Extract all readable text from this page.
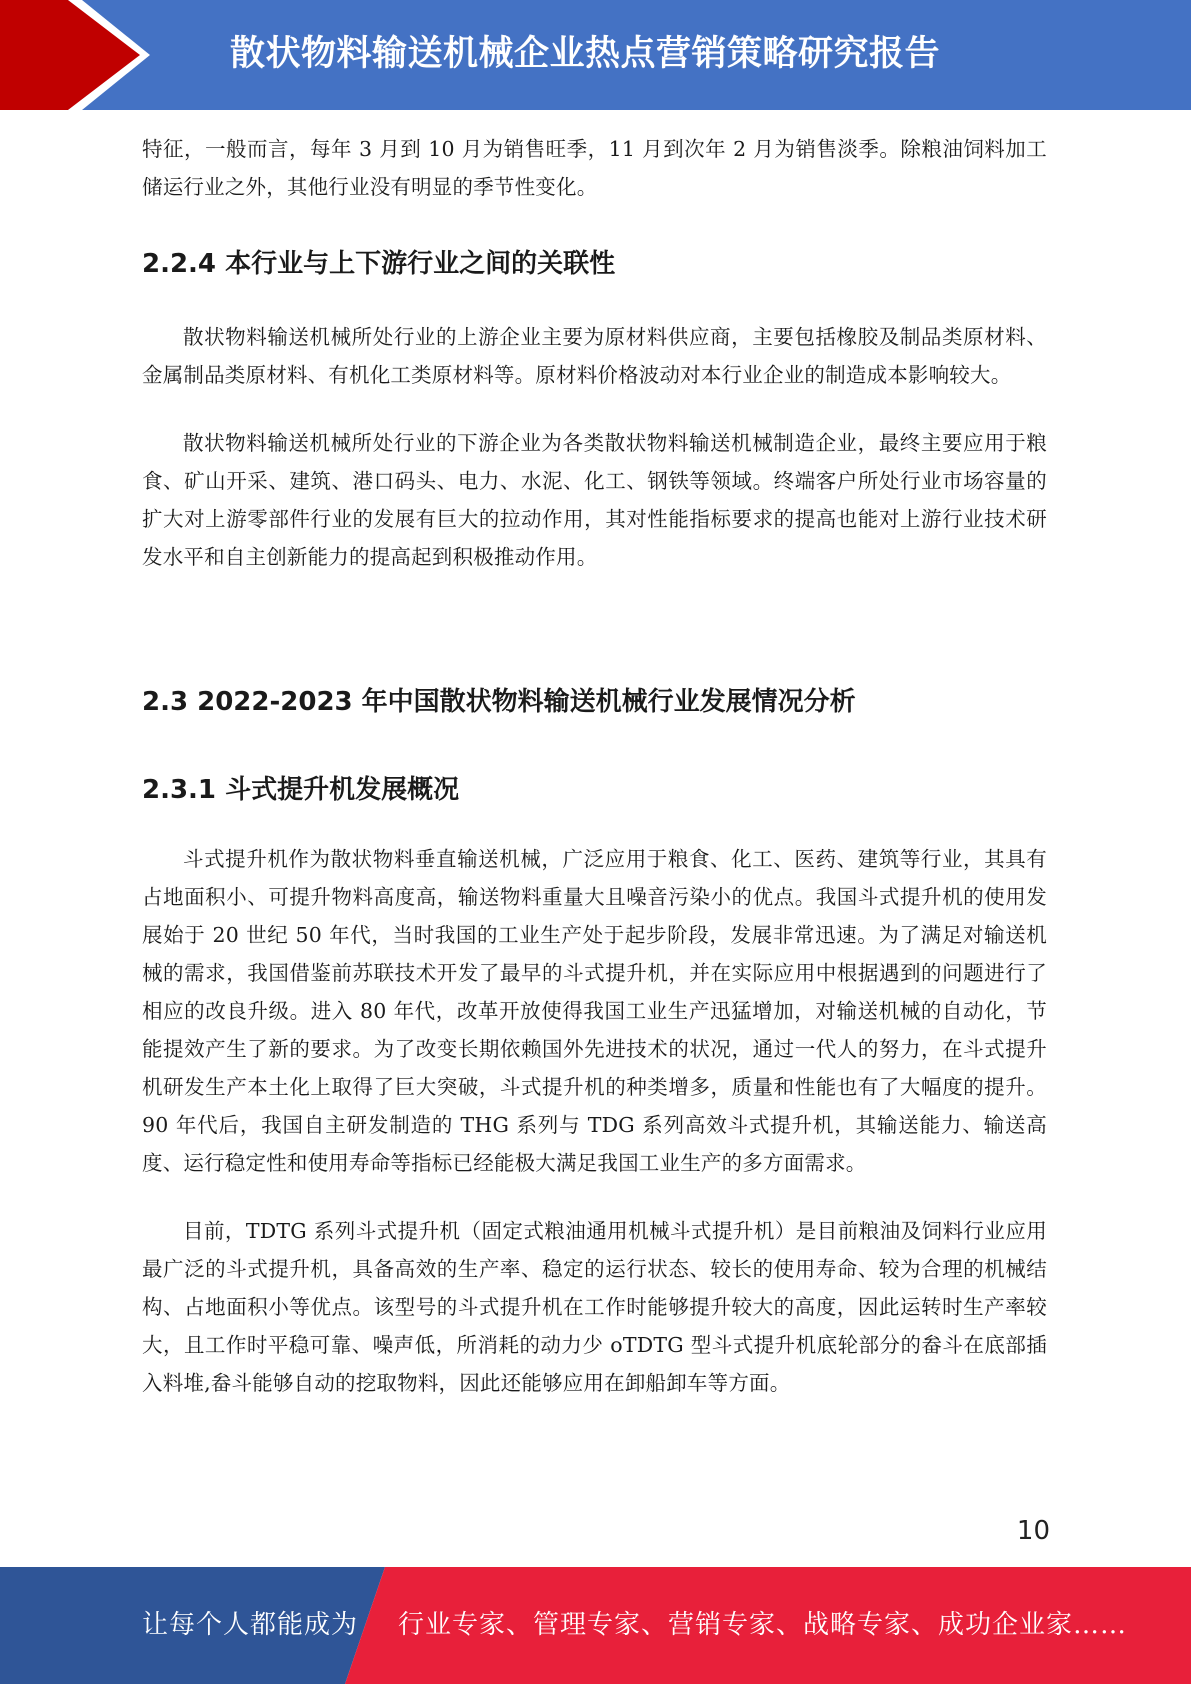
散状物料输送机械企业热点营销策略研究报告

特征，一般而言，每年 3 月到 10 月为销售旺季，11 月到次年 2 月为销售淡季。除粮油饲料加工储运行业之外，其他行业没有明显的季节性变化。

2.2.4 本行业与上下游行业之间的关联性

散状物料输送机械所处行业的上游企业主要为原材料供应商，主要包括橡胶及制品类原材料、金属制品类原材料、有机化工类原材料等。原材料价格波动对本行业企业的制造成本影响较大。

散状物料输送机械所处行业的下游企业为各类散状物料输送机械制造企业，最终主要应用于粮食、矿山开采、建筑、港口码头、电力、水泥、化工、钢铁等领域。终端客户所处行业市场容量的扩大对上游零部件行业的发展有巨大的拉动作用，其对性能指标要求的提高也能对上游行业技术研发水平和自主创新能力的提高起到积极推动作用。

2.3 2022-2023 年中国散状物料输送机械行业发展情况分析
2.3.1 斗式提升机发展概况

斗式提升机作为散状物料垂直输送机械，广泛应用于粮食、化工、医药、建筑等行业，其具有占地面积小、可提升物料高度高，输送物料重量大且噪音污染小的优点。我国斗式提升机的使用发展始于 20 世纪 50 年代，当时我国的工业生产处于起步阶段，发展非常迅速。为了满足对输送机械的需求，我国借鉴前苏联技术开发了最早的斗式提升机，并在实际应用中根据遇到的问题进行了相应的改良升级。进入 80 年代，改革开放使得我国工业生产迅猛增加，对输送机械的自动化，节能提效产生了新的要求。为了改变长期依赖国外先进技术的状况，通过一代人的努力，在斗式提升机研发生产本土化上取得了巨大突破，斗式提升机的种类增多，质量和性能也有了大幅度的提升。90 年代后，我国自主研发制造的 THG 系列与 TDG 系列高效斗式提升机，其输送能力、输送高度、运行稳定性和使用寿命等指标已经能极大满足我国工业生产的多方面需求。

目前，TDTG 系列斗式提升机（固定式粮油通用机械斗式提升机）是目前粮油及饲料行业应用最广泛的斗式提升机，具备高效的生产率、稳定的运行状态、较长的使用寿命、较为合理的机械结构、占地面积小等优点。该型号的斗式提升机在工作时能够提升较大的高度，因此运转时生产率较大，且工作时平稳可靠、噪声低，所消耗的动力少 oTDTG 型斗式提升机底轮部分的畚斗在底部插入料堆,畚斗能够自动的挖取物料，因此还能够应用在卸船卸车等方面。

10
让每个人都能成为 行业专家、管理专家、营销专家、战略专家、成功企业家……
